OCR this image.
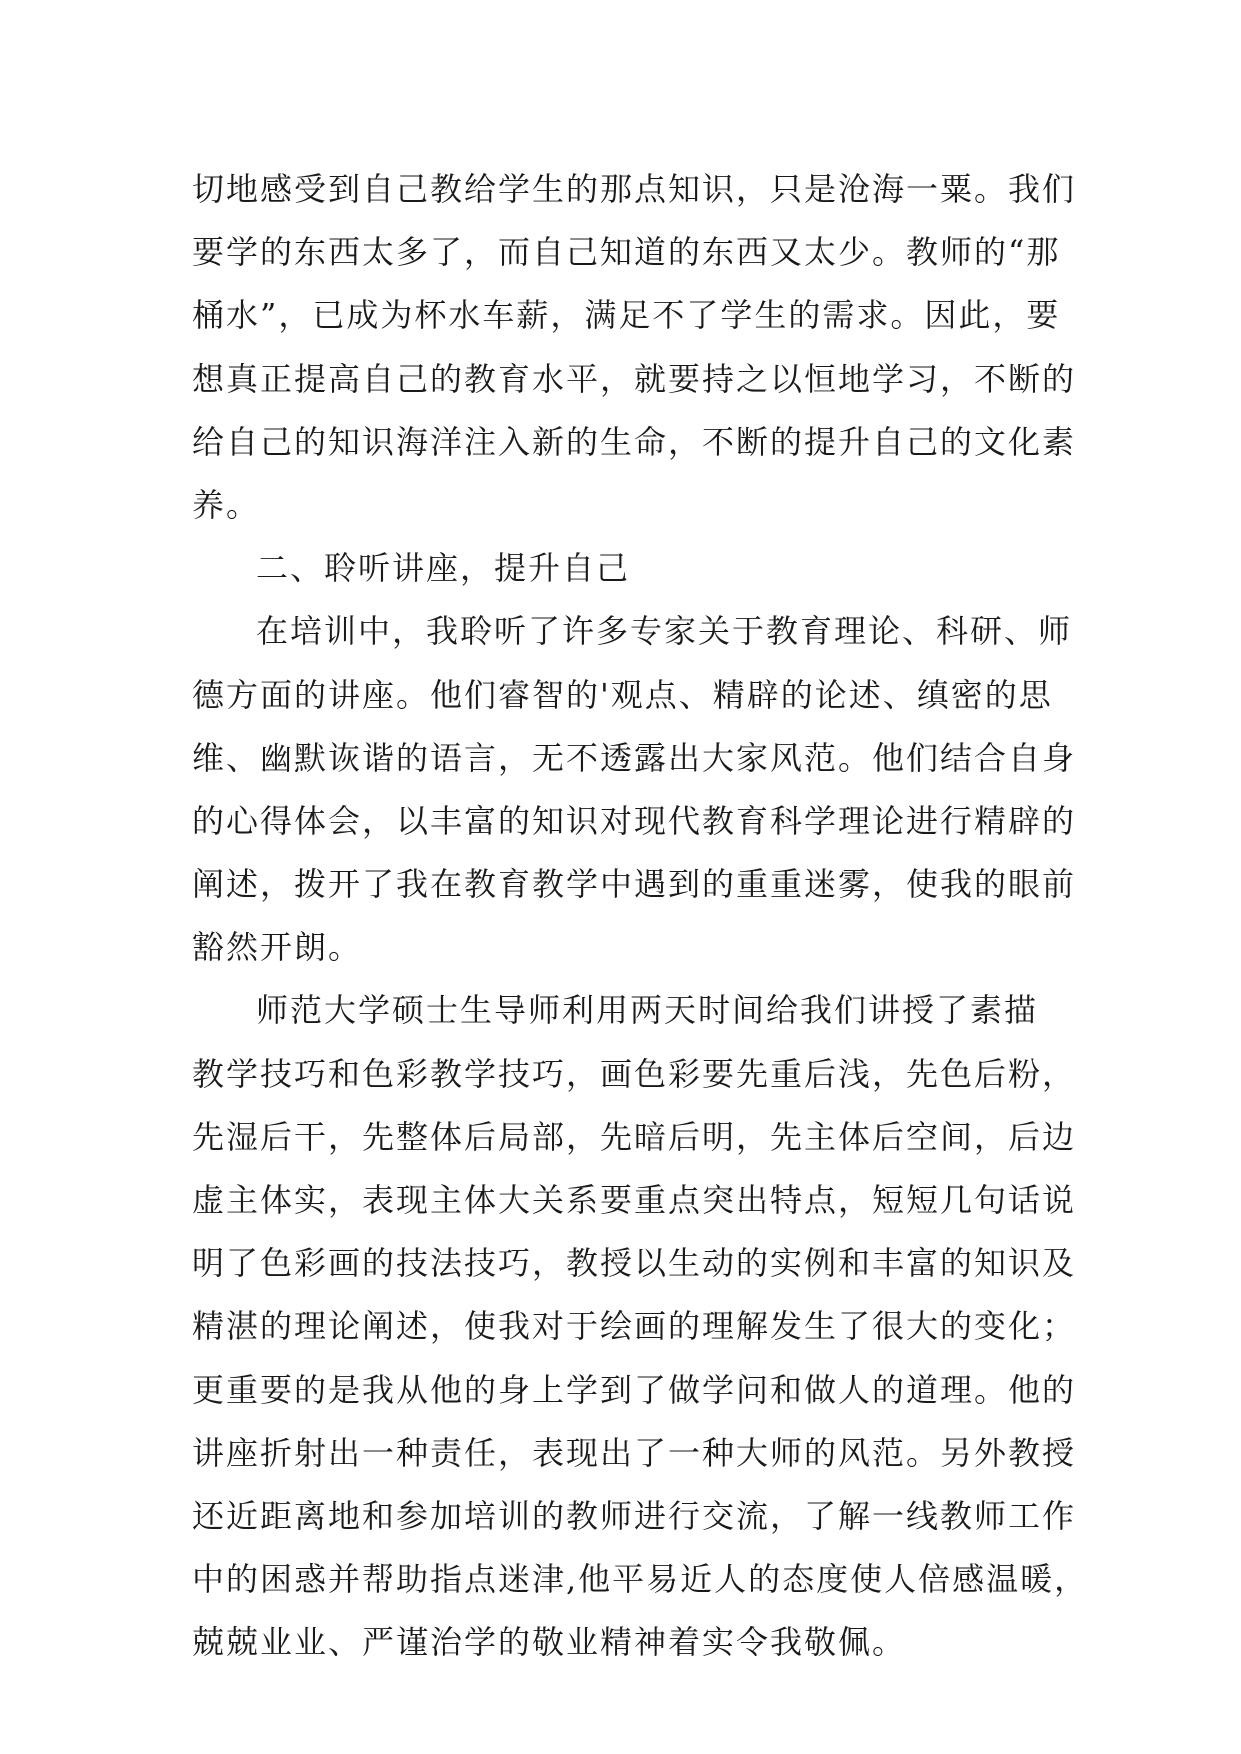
切地感受到自己教给学生的那点知识，只是沧海一粟。我们
要学的东西太多了，而自己知道的东西又太少。教师的“那
桶水”，已成为杯水车薪，满足不了学生的需求。因此，要
想真正提高自己的教育水平，就要持之以恒地学习，不断的
给自己的知识海洋注入新的生命，不断的提升自己的文化素
养。
二、聆听讲座，提升自己
在培训中，我聆听了许多专家关于教育理论、科研、师
德方面的讲座。他们睿智的'观点、精辟的论述、缜密的思
维、幽默诙谐的语言，无不透露出大家风范。他们结合自身
的心得体会，以丰富的知识对现代教育科学理论进行精辟的
阐述，拨开了我在教育教学中遇到的重重迷雾，使我的眼前
豁然开朗。
师范大学硕士生导师利用两天时间给我们讲授了素描
教学技巧和色彩教学技巧，画色彩要先重后浅，先色后粉，
先湿后干，先整体后局部，先暗后明，先主体后空间，后边
虚主体实，表现主体大关系要重点突出特点，短短几句话说
明了色彩画的技法技巧，教授以生动的实例和丰富的知识及
精湛的理论阐述，使我对于绘画的理解发生了很大的变化；
更重要的是我从他的身上学到了做学问和做人的道理。他的
讲座折射出一种责任，表现出了一种大师的风范。另外教授
还近距离地和参加培训的教师进行交流，了解一线教师工作
中的困惑并帮助指点迷津,他平易近人的态度使人倍感温暖，
兢兢业业、严谨治学的敬业精神着实令我敬佩。
